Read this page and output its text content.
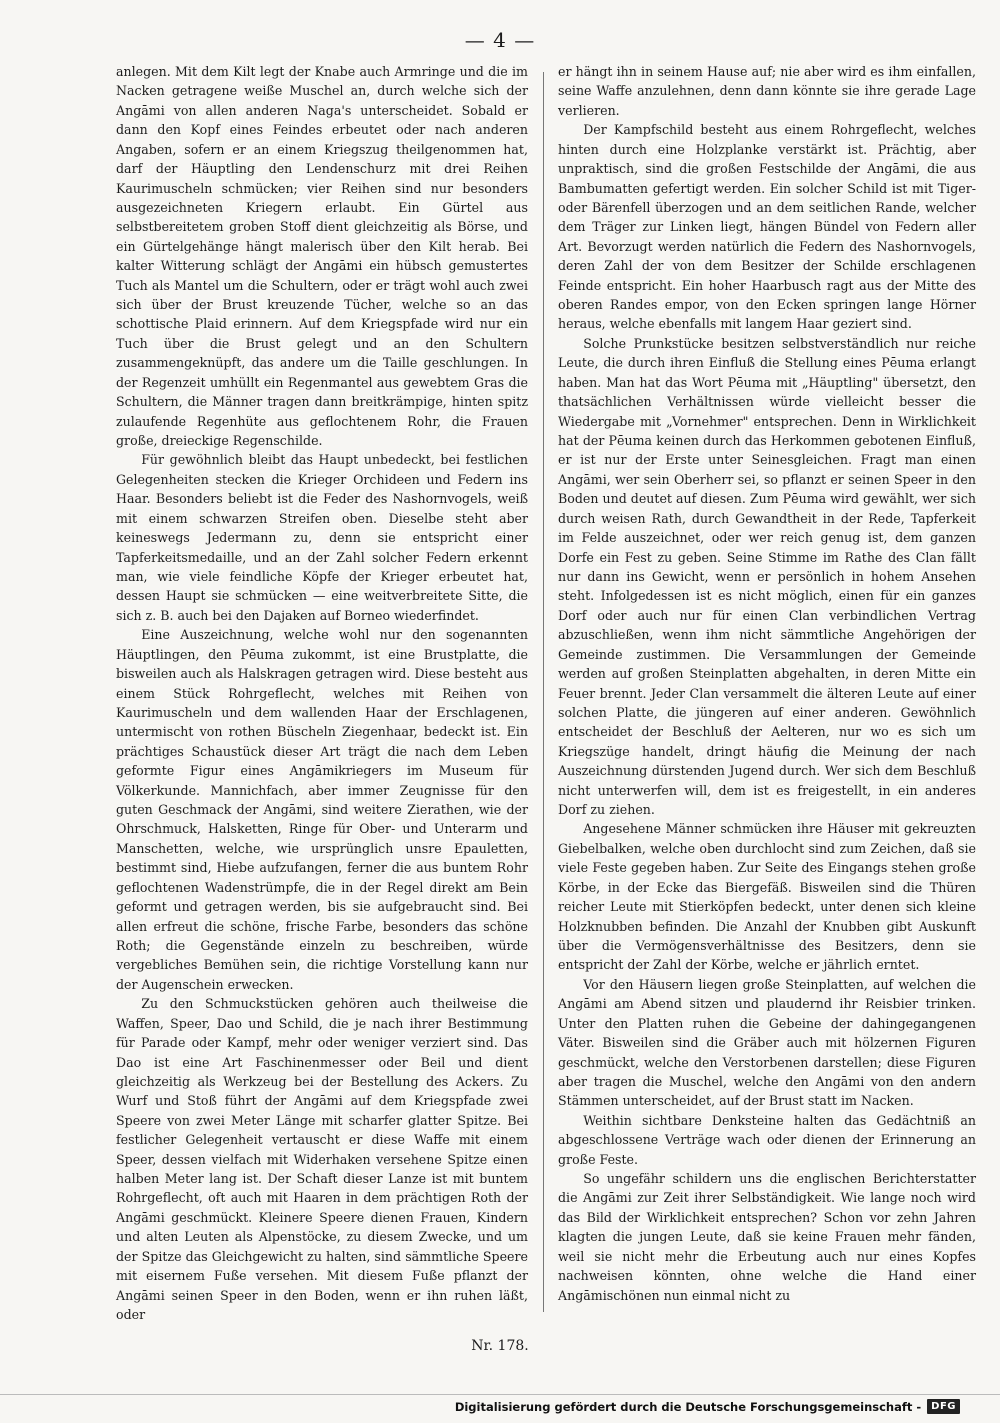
— 4 —

anlegen. Mit dem Kilt legt der Knabe auch Armringe und die im Nacken getragene weiße Muschel an, durch welche sich der Angāmi von allen anderen Naga's unterscheidet. Sobald er dann den Kopf eines Feindes erbeutet oder nach anderen Angaben, sofern er an einem Kriegszug theilgenommen hat, darf der Häuptling den Lendenschurz mit drei Reihen Kaurimuscheln schmücken; vier Reihen sind nur besonders ausgezeichneten Kriegern erlaubt. Ein Gürtel aus selbstbereitetem groben Stoff dient gleichzeitig als Börse, und ein Gürtelgehänge hängt malerisch über den Kilt herab. Bei kalter Witterung schlägt der Angāmi ein hübsch gemustertes Tuch als Mantel um die Schultern, oder er trägt wohl auch zwei sich über der Brust kreuzende Tücher, welche so an das schottische Plaid erinnern. Auf dem Kriegspfade wird nur ein Tuch über die Brust gelegt und an den Schultern zusammengeknüpft, das andere um die Taille geschlungen. In der Regenzeit umhüllt ein Regenmantel aus gewebtem Gras die Schultern, die Männer tragen dann breitkrämpige, hinten spitz zulaufende Regenhüte aus geflochtenem Rohr, die Frauen große, dreieckige Regenschilde.

Für gewöhnlich bleibt das Haupt unbedeckt, bei festlichen Gelegenheiten stecken die Krieger Orchideen und Federn ins Haar. Besonders beliebt ist die Feder des Nashornvogels, weiß mit einem schwarzen Streifen oben. Dieselbe steht aber keineswegs Jedermann zu, denn sie entspricht einer Tapferkeitsmedaille, und an der Zahl solcher Federn erkennt man, wie viele feindliche Köpfe der Krieger erbeutet hat, dessen Haupt sie schmücken — eine weitverbreitete Sitte, die sich z. B. auch bei den Dajaken auf Borneo wiederfindet.

Eine Auszeichnung, welche wohl nur den sogenannten Häuptlingen, den Pēuma zukommt, ist eine Brustplatte, die bisweilen auch als Halskragen getragen wird. Diese besteht aus einem Stück Rohrgeflecht, welches mit Reihen von Kaurimuscheln und dem wallenden Haar der Erschlagenen, untermischt von rothen Büscheln Ziegenhaar, bedeckt ist. Ein prächtiges Schaustück dieser Art trägt die nach dem Leben geformte Figur eines Angāmikriegers im Museum für Völkerkunde. Mannichfach, aber immer Zeugnisse für den guten Geschmack der Angāmi, sind weitere Zierathen, wie der Ohrschmuck, Halsketten, Ringe für Ober- und Unterarm und Manschetten, welche, wie ursprünglich unsre Epauletten, bestimmt sind, Hiebe aufzufangen, ferner die aus buntem Rohr geflochtenen Wadenstrümpfe, die in der Regel direkt am Bein geformt und getragen werden, bis sie aufgebraucht sind. Bei allen erfreut die schöne, frische Farbe, besonders das schöne Roth; die Gegenstände einzeln zu beschreiben, würde vergebliches Bemühen sein, die richtige Vorstellung kann nur der Augenschein erwecken.

Zu den Schmuckstücken gehören auch theilweise die Waffen, Speer, Dao und Schild, die je nach ihrer Bestimmung für Parade oder Kampf, mehr oder weniger verziert sind. Das Dao ist eine Art Faschinenmesser oder Beil und dient gleichzeitig als Werkzeug bei der Bestellung des Ackers. Zu Wurf und Stoß führt der Angāmi auf dem Kriegspfade zwei Speere von zwei Meter Länge mit scharfer glatter Spitze. Bei festlicher Gelegenheit vertauscht er diese Waffe mit einem Speer, dessen vielfach mit Widerhaken versehene Spitze einen halben Meter lang ist. Der Schaft dieser Lanze ist mit buntem Rohrgeflecht, oft auch mit Haaren in dem prächtigen Roth der Angāmi geschmückt. Kleinere Speere dienen Frauen, Kindern und alten Leuten als Alpenstöcke, zu diesem Zwecke, und um der Spitze das Gleichgewicht zu halten, sind sämmtliche Speere mit eisernem Fuße versehen. Mit diesem Fuße pflanzt der Angāmi seinen Speer in den Boden, wenn er ihn ruhen läßt, oder

er hängt ihn in seinem Hause auf; nie aber wird es ihm einfallen, seine Waffe anzulehnen, denn dann könnte sie ihre gerade Lage verlieren.

Der Kampfschild besteht aus einem Rohrgeflecht, welches hinten durch eine Holzplanke verstärkt ist. Prächtig, aber unpraktisch, sind die großen Festschilde der Angāmi, die aus Bambumatten gefertigt werden. Ein solcher Schild ist mit Tiger- oder Bärenfell überzogen und an dem seitlichen Rande, welcher dem Träger zur Linken liegt, hängen Bündel von Federn aller Art. Bevorzugt werden natürlich die Federn des Nashornvogels, deren Zahl der von dem Besitzer der Schilde erschlagenen Feinde entspricht. Ein hoher Haarbusch ragt aus der Mitte des oberen Randes empor, von den Ecken springen lange Hörner heraus, welche ebenfalls mit langem Haar geziert sind.

Solche Prunkstücke besitzen selbstverständlich nur reiche Leute, die durch ihren Einfluß die Stellung eines Pēuma erlangt haben. Man hat das Wort Pēuma mit „Häuptling" übersetzt, den thatsächlichen Verhältnissen würde vielleicht besser die Wiedergabe mit „Vornehmer" entsprechen. Denn in Wirklichkeit hat der Pēuma keinen durch das Herkommen gebotenen Einfluß, er ist nur der Erste unter Seinesgleichen. Fragt man einen Angāmi, wer sein Oberherr sei, so pflanzt er seinen Speer in den Boden und deutet auf diesen. Zum Pēuma wird gewählt, wer sich durch weisen Rath, durch Gewandtheit in der Rede, Tapferkeit im Felde auszeichnet, oder wer reich genug ist, dem ganzen Dorfe ein Fest zu geben. Seine Stimme im Rathe des Clan fällt nur dann ins Gewicht, wenn er persönlich in hohem Ansehen steht. Infolgedessen ist es nicht möglich, einen für ein ganzes Dorf oder auch nur für einen Clan verbindlichen Vertrag abzuschließen, wenn ihm nicht sämmtliche Angehörigen der Gemeinde zustimmen. Die Versammlungen der Gemeinde werden auf großen Steinplatten abgehalten, in deren Mitte ein Feuer brennt. Jeder Clan versammelt die älteren Leute auf einer solchen Platte, die jüngeren auf einer anderen. Gewöhnlich entscheidet der Beschluß der Aelteren, nur wo es sich um Kriegszüge handelt, dringt häufig die Meinung der nach Auszeichnung dürstenden Jugend durch. Wer sich dem Beschluß nicht unterwerfen will, dem ist es freigestellt, in ein anderes Dorf zu ziehen.

Angesehene Männer schmücken ihre Häuser mit gekreuzten Giebelbalken, welche oben durchlocht sind zum Zeichen, daß sie viele Feste gegeben haben. Zur Seite des Eingangs stehen große Körbe, in der Ecke das Biergefäß. Bisweilen sind die Thüren reicher Leute mit Stierköpfen bedeckt, unter denen sich kleine Holzknubben befinden. Die Anzahl der Knubben gibt Auskunft über die Vermögensverhältnisse des Besitzers, denn sie entspricht der Zahl der Körbe, welche er jährlich erntet.

Vor den Häusern liegen große Steinplatten, auf welchen die Angāmi am Abend sitzen und plaudernd ihr Reisbier trinken. Unter den Platten ruhen die Gebeine der dahingegangenen Väter. Bisweilen sind die Gräber auch mit hölzernen Figuren geschmückt, welche den Verstorbenen darstellen; diese Figuren aber tragen die Muschel, welche den Angāmi von den andern Stämmen unterscheidet, auf der Brust statt im Nacken.

Weithin sichtbare Denksteine halten das Gedächtniß an abgeschlossene Verträge wach oder dienen der Erinnerung an große Feste.

So ungefähr schildern uns die englischen Berichterstatter die Angāmi zur Zeit ihrer Selbständigkeit. Wie lange noch wird das Bild der Wirklichkeit entsprechen? Schon vor zehn Jahren klagten die jungen Leute, daß sie keine Frauen mehr fänden, weil sie nicht mehr die Erbeutung auch nur eines Kopfes nachweisen könnten, ohne welche die Hand einer Angāmischönen nun einmal nicht zu

Nr. 178.
Digitalisierung gefördert durch die Deutsche Forschungsgemeinschaft -	DFG
